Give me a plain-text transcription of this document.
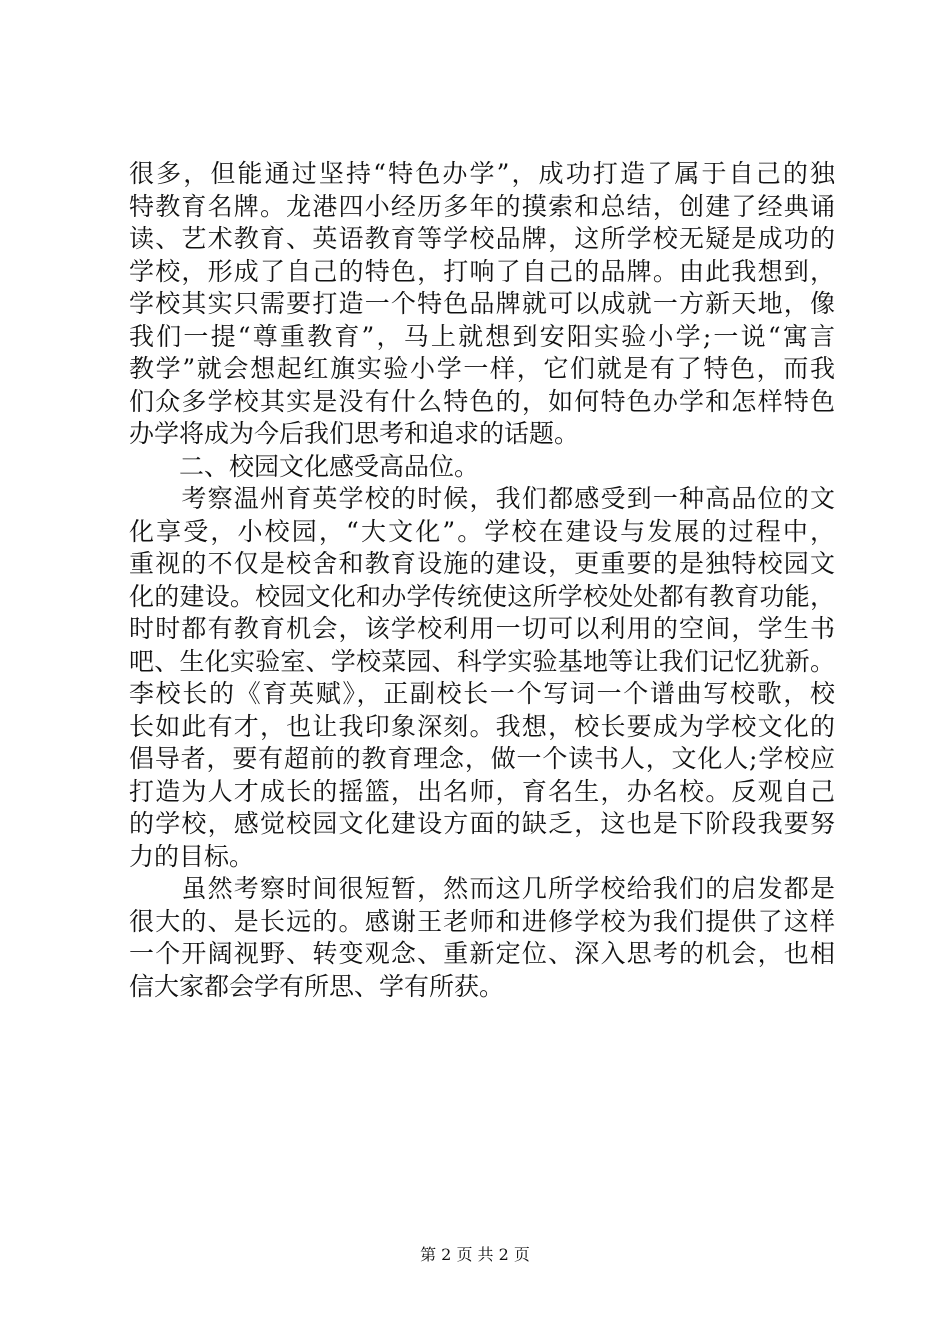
很多，但能通过坚持“特色办学”，成功打造了属于自己的独
特教育名牌。龙港四小经历多年的摸索和总结，创建了经典诵
读、艺术教育、英语教育等学校品牌，这所学校无疑是成功的
学校，形成了自己的特色，打响了自己的品牌。由此我想到，
学校其实只需要打造一个特色品牌就可以成就一方新天地，像
我们一提“尊重教育”，马上就想到安阳实验小学;一说“寓言
教学”就会想起红旗实验小学一样，它们就是有了特色，而我
们众多学校其实是没有什么特色的，如何特色办学和怎样特色
办学将成为今后我们思考和追求的话题。
　　二、校园文化感受高品位。
　　考察温州育英学校的时候，我们都感受到一种高品位的文
化享受，小校园，“大文化”。学校在建设与发展的过程中，
重视的不仅是校舍和教育设施的建设，更重要的是独特校园文
化的建设。校园文化和办学传统使这所学校处处都有教育功能，
时时都有教育机会，该学校利用一切可以利用的空间，学生书
吧、生化实验室、学校菜园、科学实验基地等让我们记忆犹新。
李校长的《育英赋》，正副校长一个写词一个谱曲写校歌，校
长如此有才，也让我印象深刻。我想，校长要成为学校文化的
倡导者，要有超前的教育理念，做一个读书人，文化人;学校应
打造为人才成长的摇篮，出名师，育名生，办名校。反观自己
的学校，感觉校园文化建设方面的缺乏，这也是下阶段我要努
力的目标。
　　虽然考察时间很短暂，然而这几所学校给我们的启发都是
很大的、是长远的。感谢王老师和进修学校为我们提供了这样
一个开阔视野、转变观念、重新定位、深入思考的机会，也相
信大家都会学有所思、学有所获。
第 2 页 共 2 页
